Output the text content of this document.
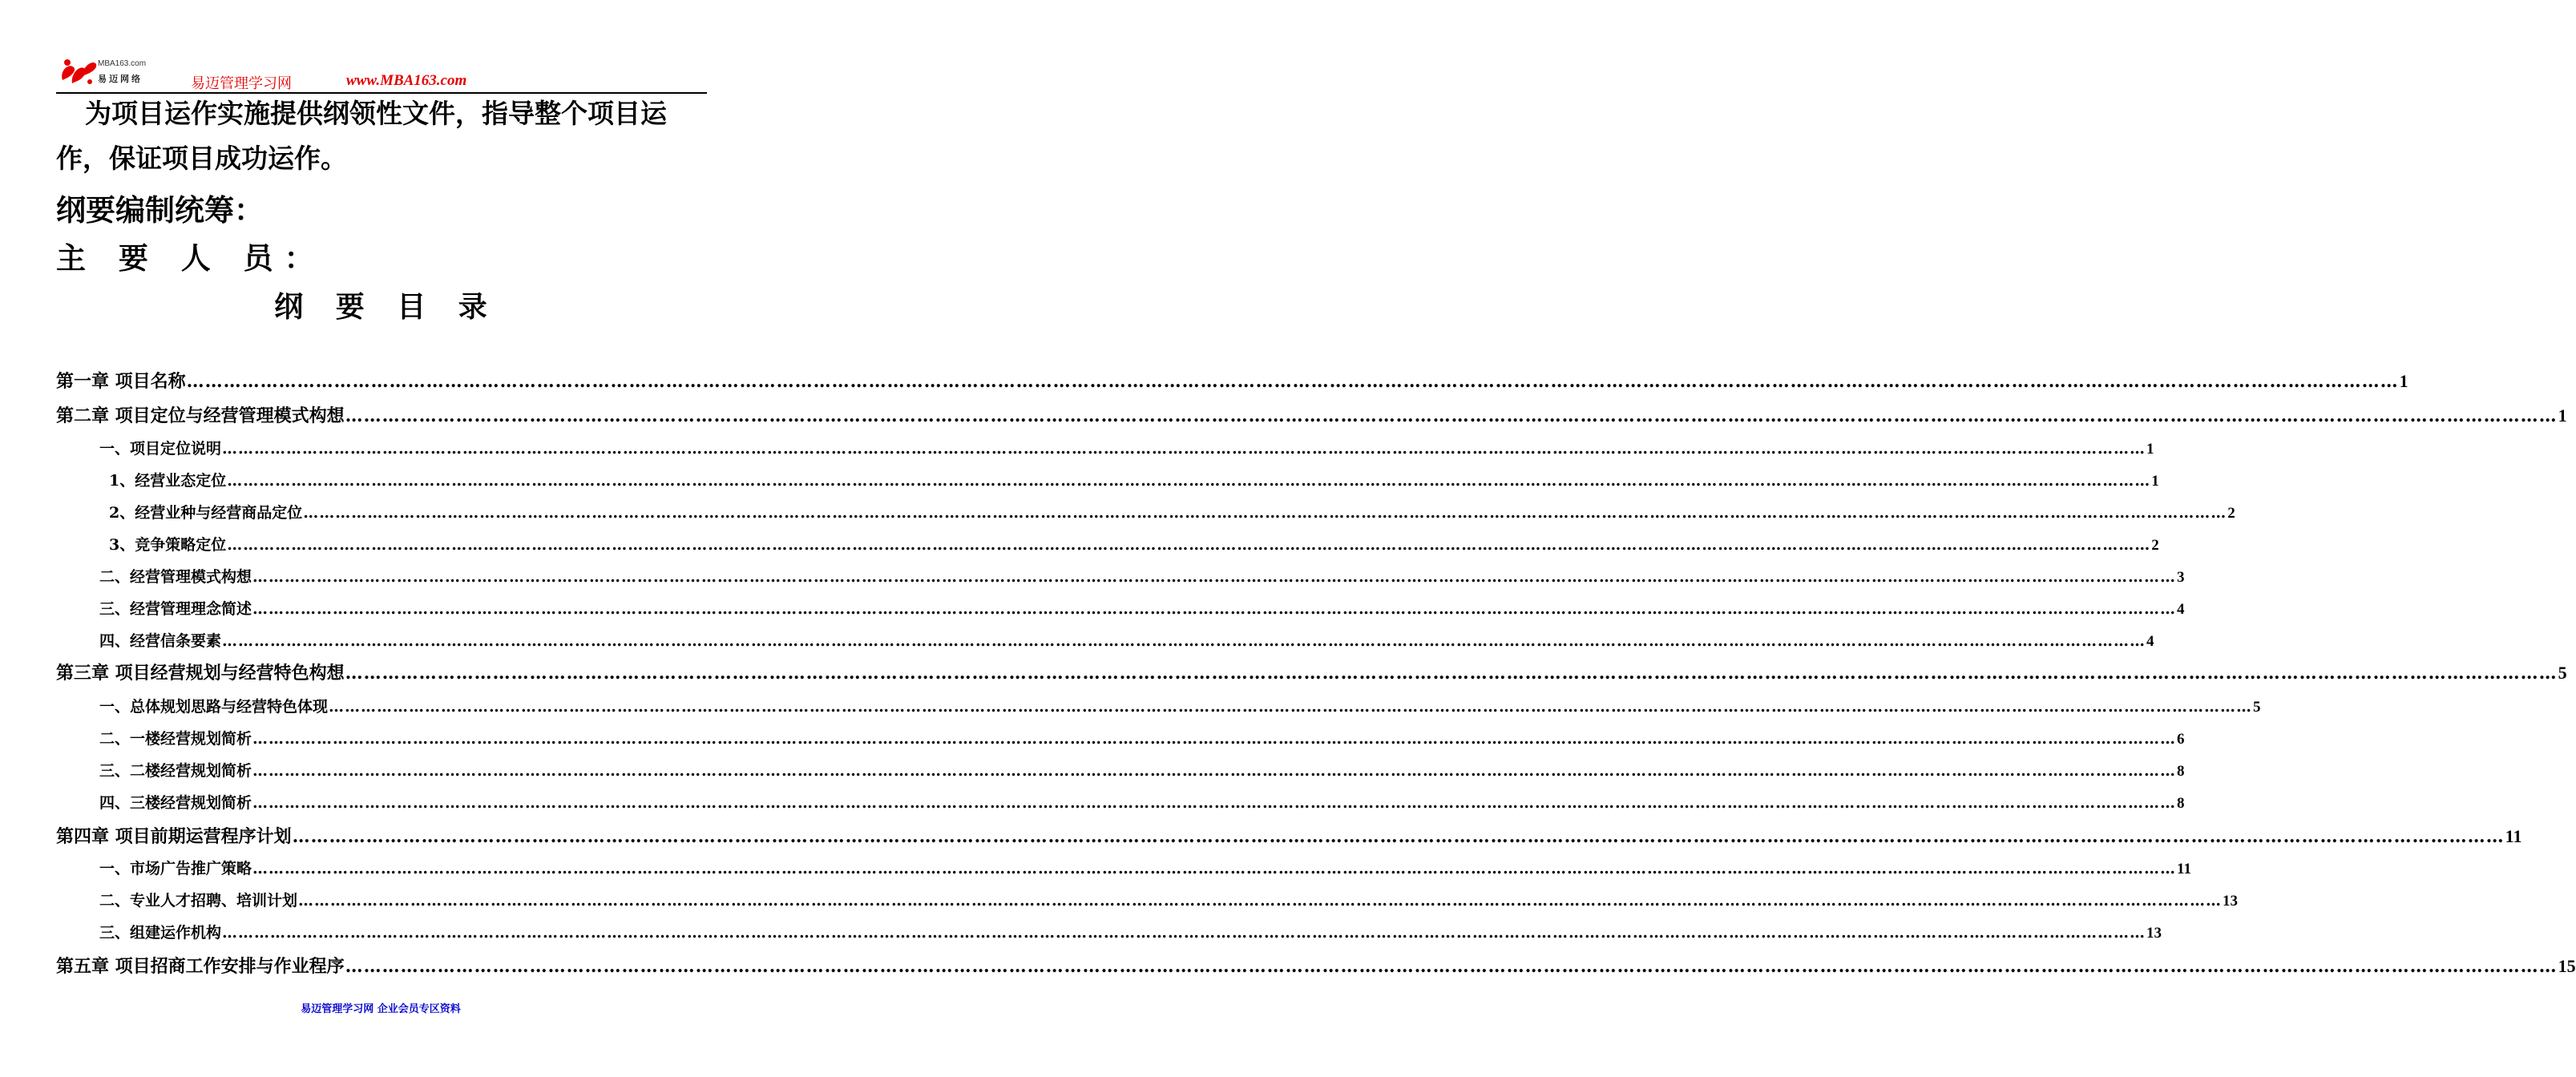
MBA163.com
易迈网络	易迈管理学习网	www.MBA163.com
为项目运作实施提供纲领性文件，指导整个项目运作，保证项目成功运作。
纲要编制统筹：
主 要 人 员：
纲 要 目 录
第一章 项目名称 ……………………………………………………………………………………………………………………………………………………………………………………………………………………………………………………………………………………………………………………………… 1
第二章 项目定位与经营管理模式构想 ……………………………………………………………………………………………………………………………………………………………………………………………………………………………………………………………………………………………………………………………… 1
一、项目定位说明 ……………………………………………………………………………………………………………………………………………………………………………………………………………………………………………………………………………………………………………………………… 1
1、经营业态定位 ……………………………………………………………………………………………………………………………………………………………………………………………………………………………………………………………………………………………………………………………… 1
2、经营业种与经营商品定位 ……………………………………………………………………………………………………………………………………………………………………………………………………………………………………………………………………………………………………………………………… 2
3、竞争策略定位 ……………………………………………………………………………………………………………………………………………………………………………………………………………………………………………………………………………………………………………………………… 2
二、经营管理模式构想 ……………………………………………………………………………………………………………………………………………………………………………………………………………………………………………………………………………………………………………………………… 3
三、经营管理理念简述 ……………………………………………………………………………………………………………………………………………………………………………………………………………………………………………………………………………………………………………………………… 4
四、经营信条要素 ……………………………………………………………………………………………………………………………………………………………………………………………………………………………………………………………………………………………………………………………… 4
第三章 项目经营规划与经营特色构想 ……………………………………………………………………………………………………………………………………………………………………………………………………………………………………………………………………………………………………………………………… 5
一、总体规划思路与经营特色体现 ……………………………………………………………………………………………………………………………………………………………………………………………………………………………………………………………………………………………………………………………… 5
二、一楼经营规划简析 ……………………………………………………………………………………………………………………………………………………………………………………………………………………………………………………………………………………………………………………………… 6
三、二楼经营规划简析 ……………………………………………………………………………………………………………………………………………………………………………………………………………………………………………………………………………………………………………………………… 8
四、三楼经营规划简析 ……………………………………………………………………………………………………………………………………………………………………………………………………………………………………………………………………………………………………………………………… 8
第四章 项目前期运营程序计划 ……………………………………………………………………………………………………………………………………………………………………………………………………………………………………………………………………………………………………………………………… 11
一、市场广告推广策略 ……………………………………………………………………………………………………………………………………………………………………………………………………………………………………………………………………………………………………………………………… 11
二、专业人才招聘、培训计划 ……………………………………………………………………………………………………………………………………………………………………………………………………………………………………………………………………………………………………………………………… 13
三、组建运作机构 ……………………………………………………………………………………………………………………………………………………………………………………………………………………………………………………………………………………………………………………………… 13
第五章 项目招商工作安排与作业程序 ……………………………………………………………………………………………………………………………………………………………………………………………………………………………………………………………………………………………………………………………… 15
易迈管理学习网 企业会员专区资料
